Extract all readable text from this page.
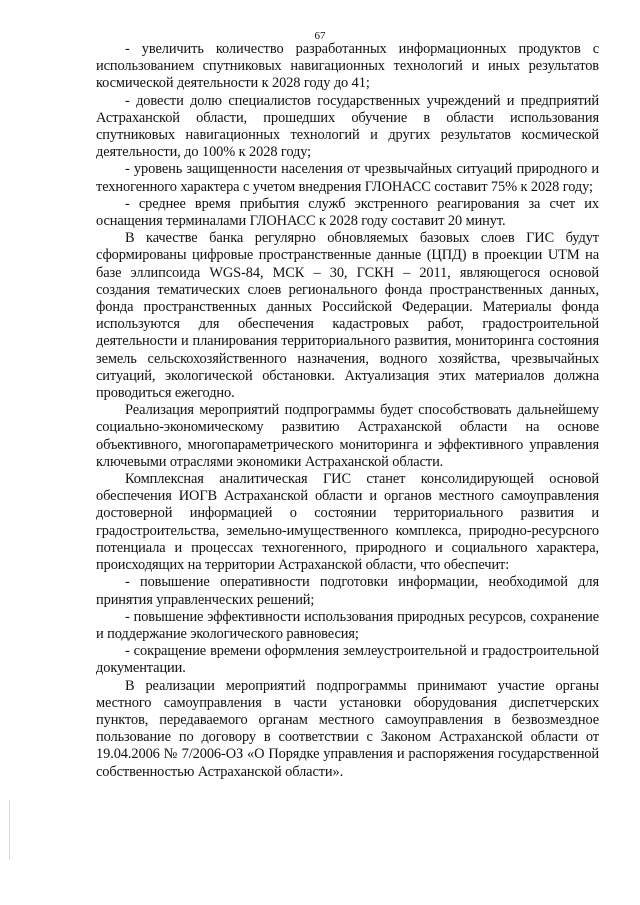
67

- увеличить количество разработанных информационных продуктов с использованием спутниковых навигационных технологий и иных результатов космической деятельности к 2028 году до 41;

- довести долю специалистов государственных учреждений и предприятий Астраханской области, прошедших обучение в области использования спутниковых навигационных технологий и других результатов космической деятельности, до 100% к 2028 году;

- уровень защищенности населения от чрезвычайных ситуаций природного и техногенного характера с учетом внедрения ГЛОНАСС составит 75% к 2028 году;

- среднее время прибытия служб экстренного реагирования за счет их оснащения терминалами ГЛОНАСС к 2028 году составит 20 минут.

В качестве банка регулярно обновляемых базовых слоев ГИС будут сформированы цифровые пространственные данные (ЦПД) в проекции UTM на базе эллипсоида WGS-84, МСК – 30, ГСКН – 2011, являющегося основой создания тематических слоев регионального фонда пространственных данных, фонда пространственных данных Российской Федерации. Материалы фонда используются для обеспечения кадастровых работ, градостроительной деятельности и планирования территориального развития, мониторинга состояния земель сельскохозяйственного назначения, водного хозяйства, чрезвычайных ситуаций, экологической обстановки. Актуализация этих материалов должна проводиться ежегодно.

Реализация мероприятий подпрограммы будет способствовать дальнейшему социально-экономическому развитию Астраханской области на основе объективного, многопараметрического мониторинга и эффективного управления ключевыми отраслями экономики Астраханской области.

Комплексная аналитическая ГИС станет консолидирующей основой обеспечения ИОГВ Астраханской области и органов местного самоуправления достоверной информацией о состоянии территориального развития и градостроительства, земельно-имущественного комплекса, природно-ресурсного потенциала и процессах техногенного, природного и социального характера, происходящих на территории Астраханской области, что обеспечит:

- повышение оперативности подготовки информации, необходимой для принятия управленческих решений;

- повышение эффективности использования природных ресурсов, сохранение и поддержание экологического равновесия;

- сокращение времени оформления землеустроительной и градостроительной документации.

В реализации мероприятий подпрограммы принимают участие органы местного самоуправления в части установки оборудования диспетчерских пунктов, передаваемого органам местного самоуправления в безвозмездное пользование по договору в соответствии с Законом Астраханской области от 19.04.2006 № 7/2006-ОЗ «О Порядке управления и распоряжения государственной собственностью Астраханской области».
